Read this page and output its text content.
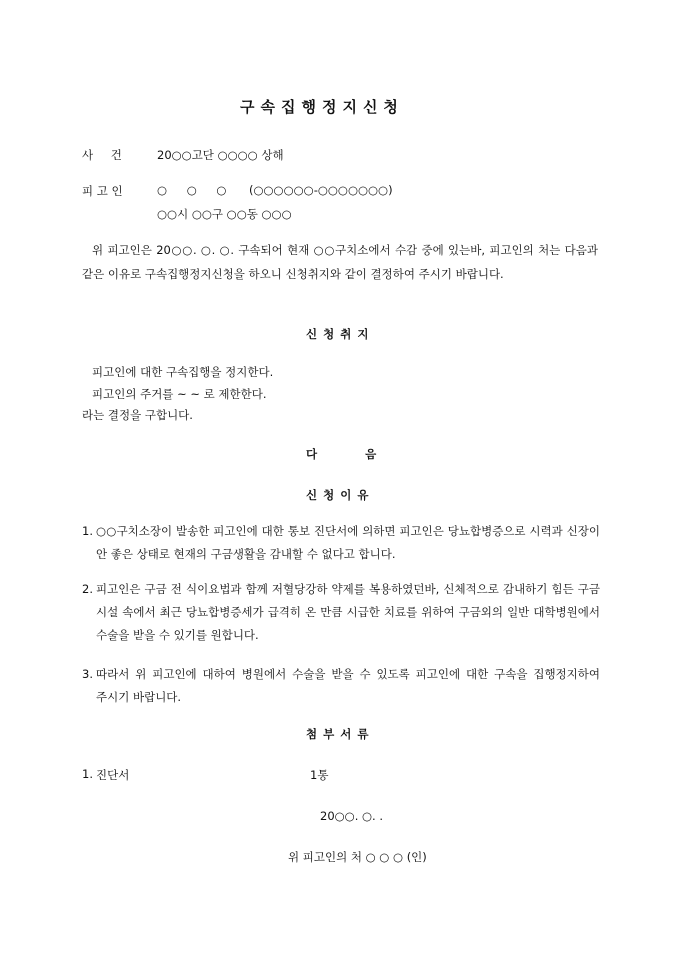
구속집행정지신청
사 건	20○○고단 ○○○○ 상해
피 고 인	○ ○ ○ (○○○○○○-○○○○○○○)
○○시 ○○구 ○○동 ○○○
위 피고인은 20○○. ○. ○. 구속되어 현재 ○○구치소에서 수감 중에 있는바, 피고인의 처는 다음과 같은 이유로 구속집행정지신청을 하오니 신청취지와 같이 결정하여 주시기 바랍니다.
신 청 취 지
피고인에 대한 구속집행을 정지한다.
피고인의 주거를 ~ ~ 로 제한한다.
라는 결정을 구합니다.
다 음
신 청 이 유
1. ○○구치소장이 발송한 피고인에 대한 통보 진단서에 의하면 피고인은 당뇨합병증으로 시력과 신장이 안 좋은 상태로 현재의 구금생활을 감내할 수 없다고 합니다.
2. 피고인은 구금 전 식이요법과 함께 저혈당강하 약제를 복용하였던바, 신체적으로 감내하기 힘든 구금 시설 속에서 최근 당뇨합병증세가 급격히 온 만큼 시급한 치료를 위하여 구금외의 일반 대학병원에서 수술을 받을 수 있기를 원합니다.
3. 따라서 위 피고인에 대하여 병원에서 수술을 받을 수 있도록 피고인에 대한 구속을 집행정지하여 주시기 바랍니다.
첨 부 서 류
1. 진단서	1통
20○○. ○. .
위 피고인의 처 ○ ○ ○ (인)
